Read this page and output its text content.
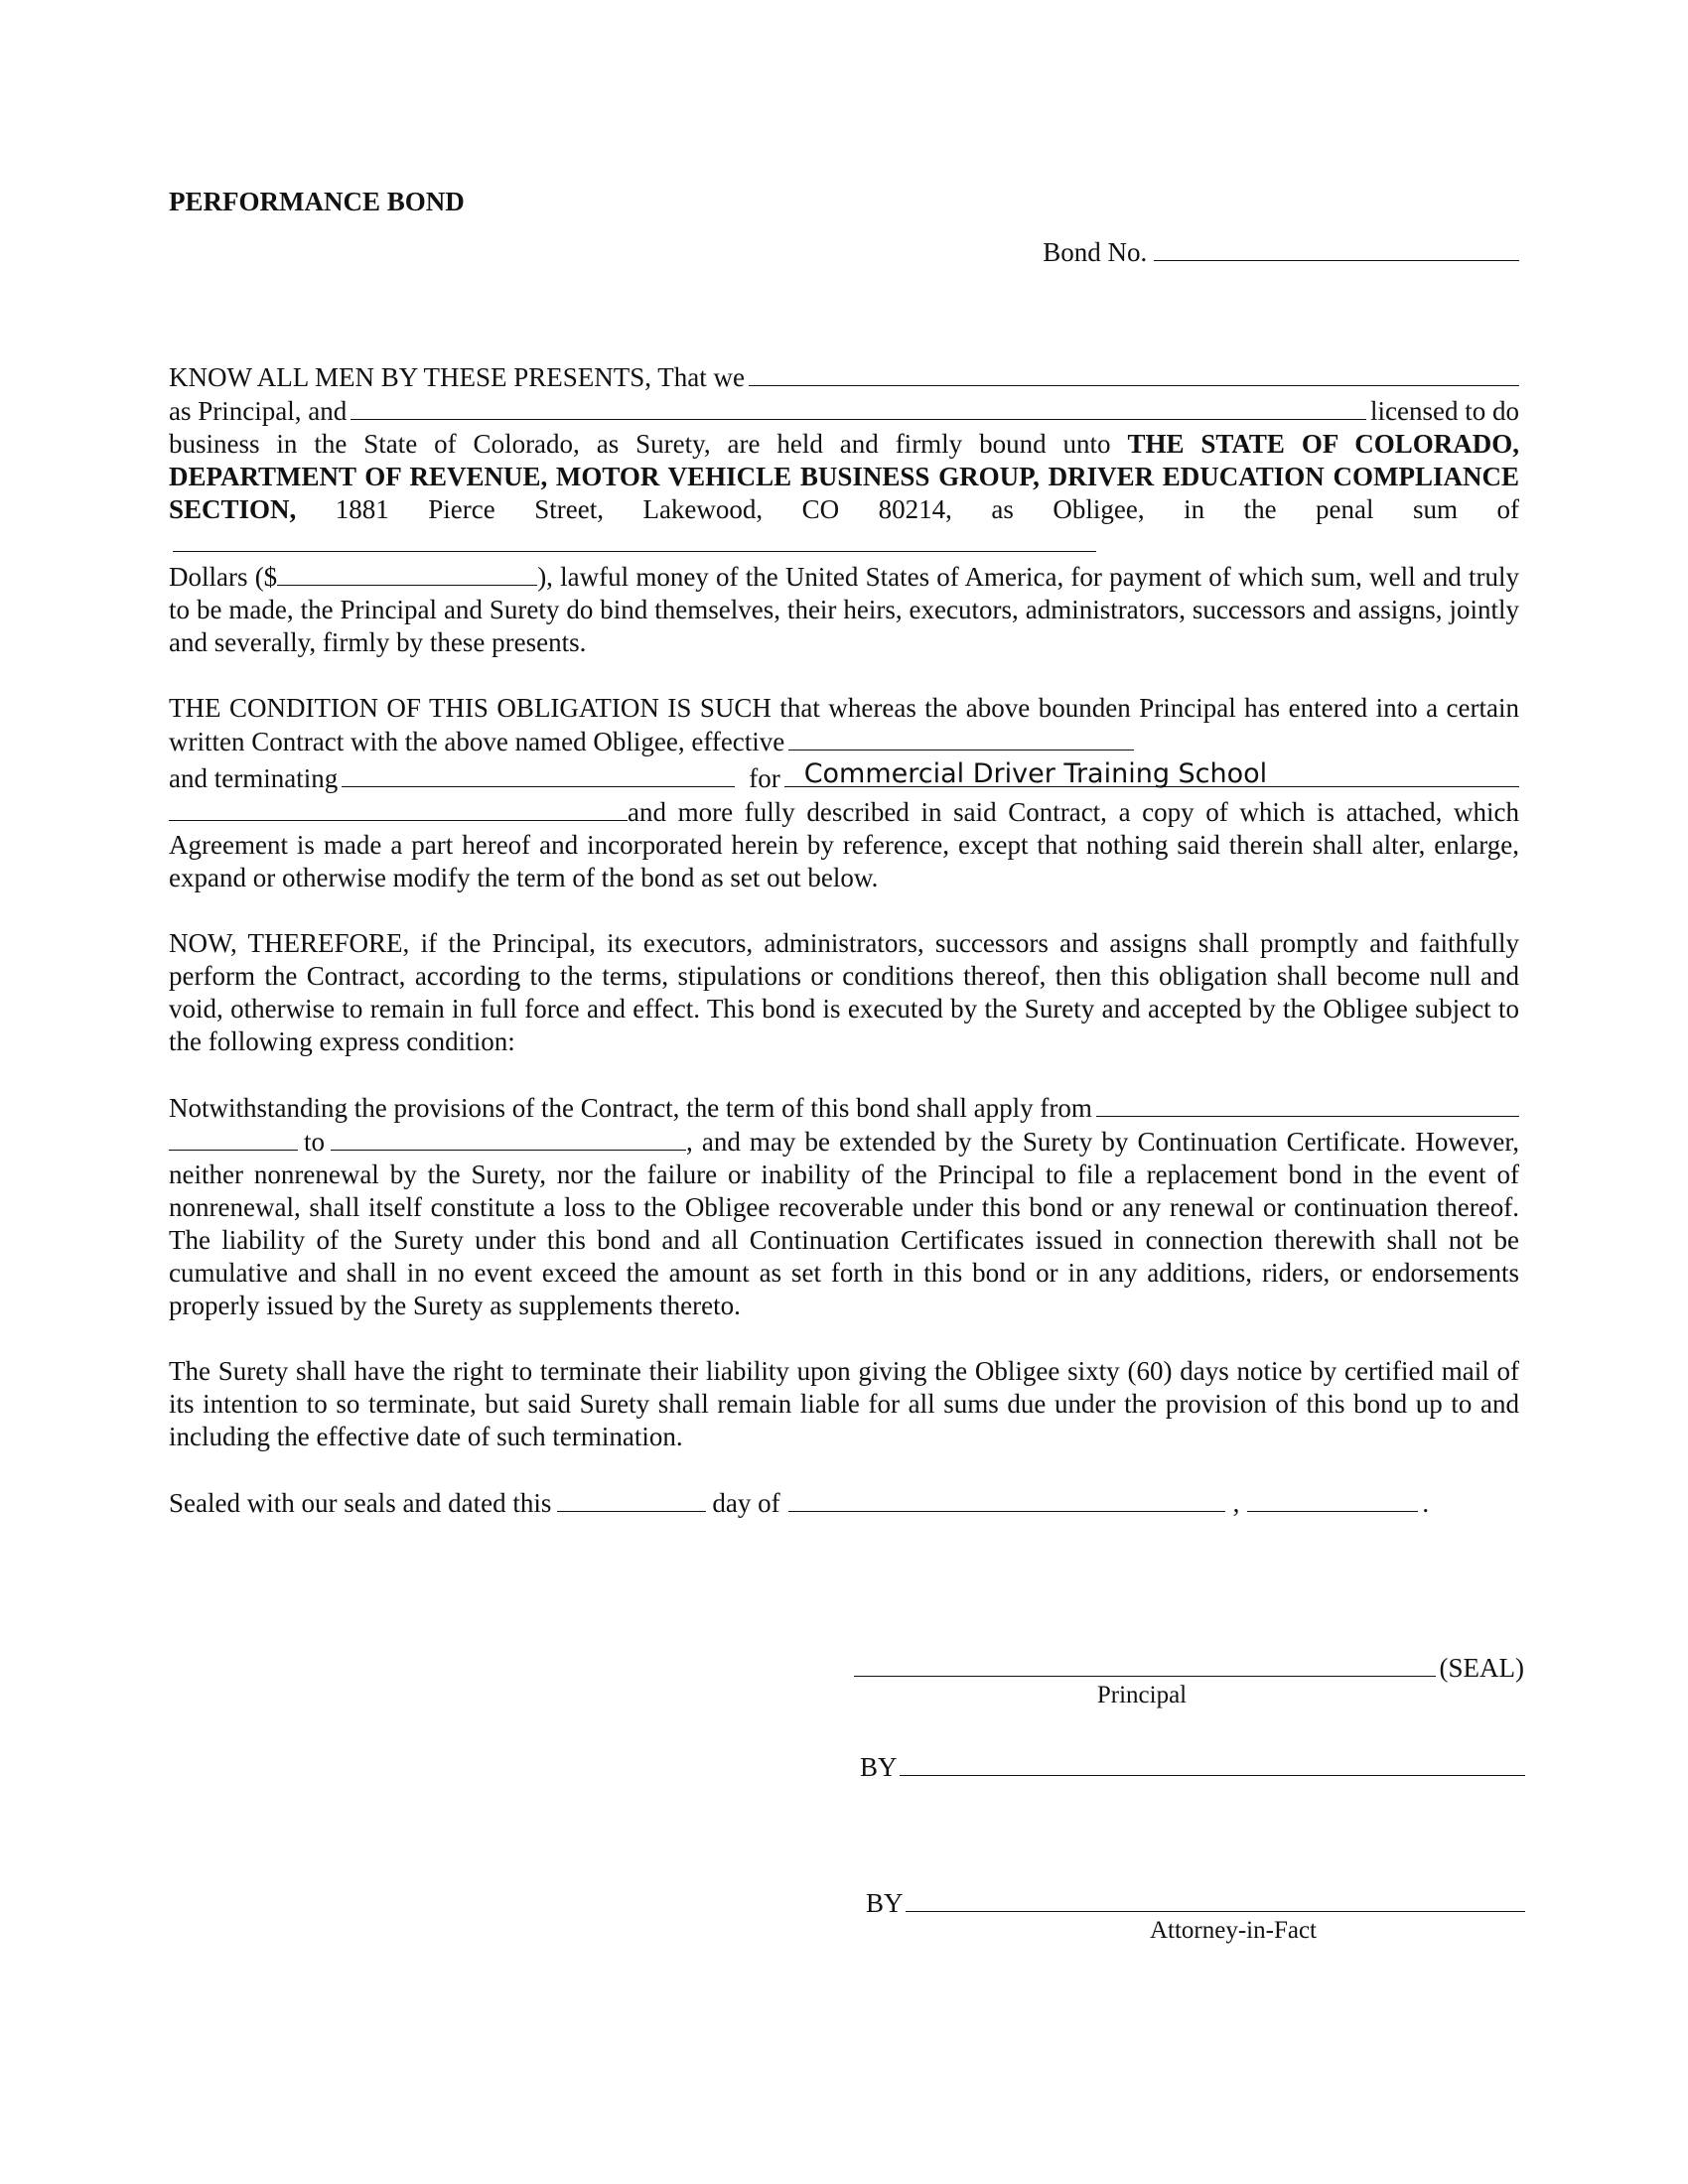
PERFORMANCE BOND
Bond No.
KNOW ALL MEN BY THESE PRESENTS, That we
as Principal, and	licensed to do

business in the State of Colorado, as Surety, are held and firmly bound unto THE STATE OF COLORADO, DEPARTMENT OF REVENUE, MOTOR VEHICLE BUSINESS GROUP, DRIVER EDUCATION COMPLIANCE SECTION, 1881 Pierce Street, Lakewood, CO 80214, as Obligee, in the penal sum of

Dollars ($	), lawful money of the United States of America, for payment of which sum, well and truly to be made, the Principal and Surety do bind themselves, their heirs, executors, administrators, successors and assigns, jointly and severally, firmly by these presents.

THE CONDITION OF THIS OBLIGATION IS SUCH that whereas the above bounden Principal has entered into a certain written Contract with the above named Obligee, effective

and terminating	for Commercial Driver Training School

and more fully described in said Contract, a copy of which is attached, which Agreement is made a part hereof and incorporated herein by reference, except that nothing said therein shall alter, enlarge, expand or otherwise modify the term of the bond as set out below.

NOW, THEREFORE, if the Principal, its executors, administrators, successors and assigns shall promptly and faithfully perform the Contract, according to the terms, stipulations or conditions thereof, then this obligation shall become null and void, otherwise to remain in full force and effect. This bond is executed by the Surety and accepted by the Obligee subject to the following express condition:

Notwithstanding the provisions of the Contract, the term of this bond shall apply from

to	, and may be extended by the Surety by Continuation Certificate. However, neither nonrenewal by the Surety, nor the failure or inability of the Principal to file a replacement bond in the event of nonrenewal, shall itself constitute a loss to the Obligee recoverable under this bond or any renewal or continuation thereof. The liability of the Surety under this bond and all Continuation Certificates issued in connection therewith shall not be cumulative and shall in no event exceed the amount as set forth in this bond or in any additions, riders, or endorsements properly issued by the Surety as supplements thereto.

The Surety shall have the right to terminate their liability upon giving the Obligee sixty (60) days notice by certified mail of its intention to so terminate, but said Surety shall remain liable for all sums due under the provision of this bond up to and including the effective date of such termination.

Sealed with our seals and dated this	day of	,	.
(SEAL)
Principal
BY
BY
Attorney-in-Fact
